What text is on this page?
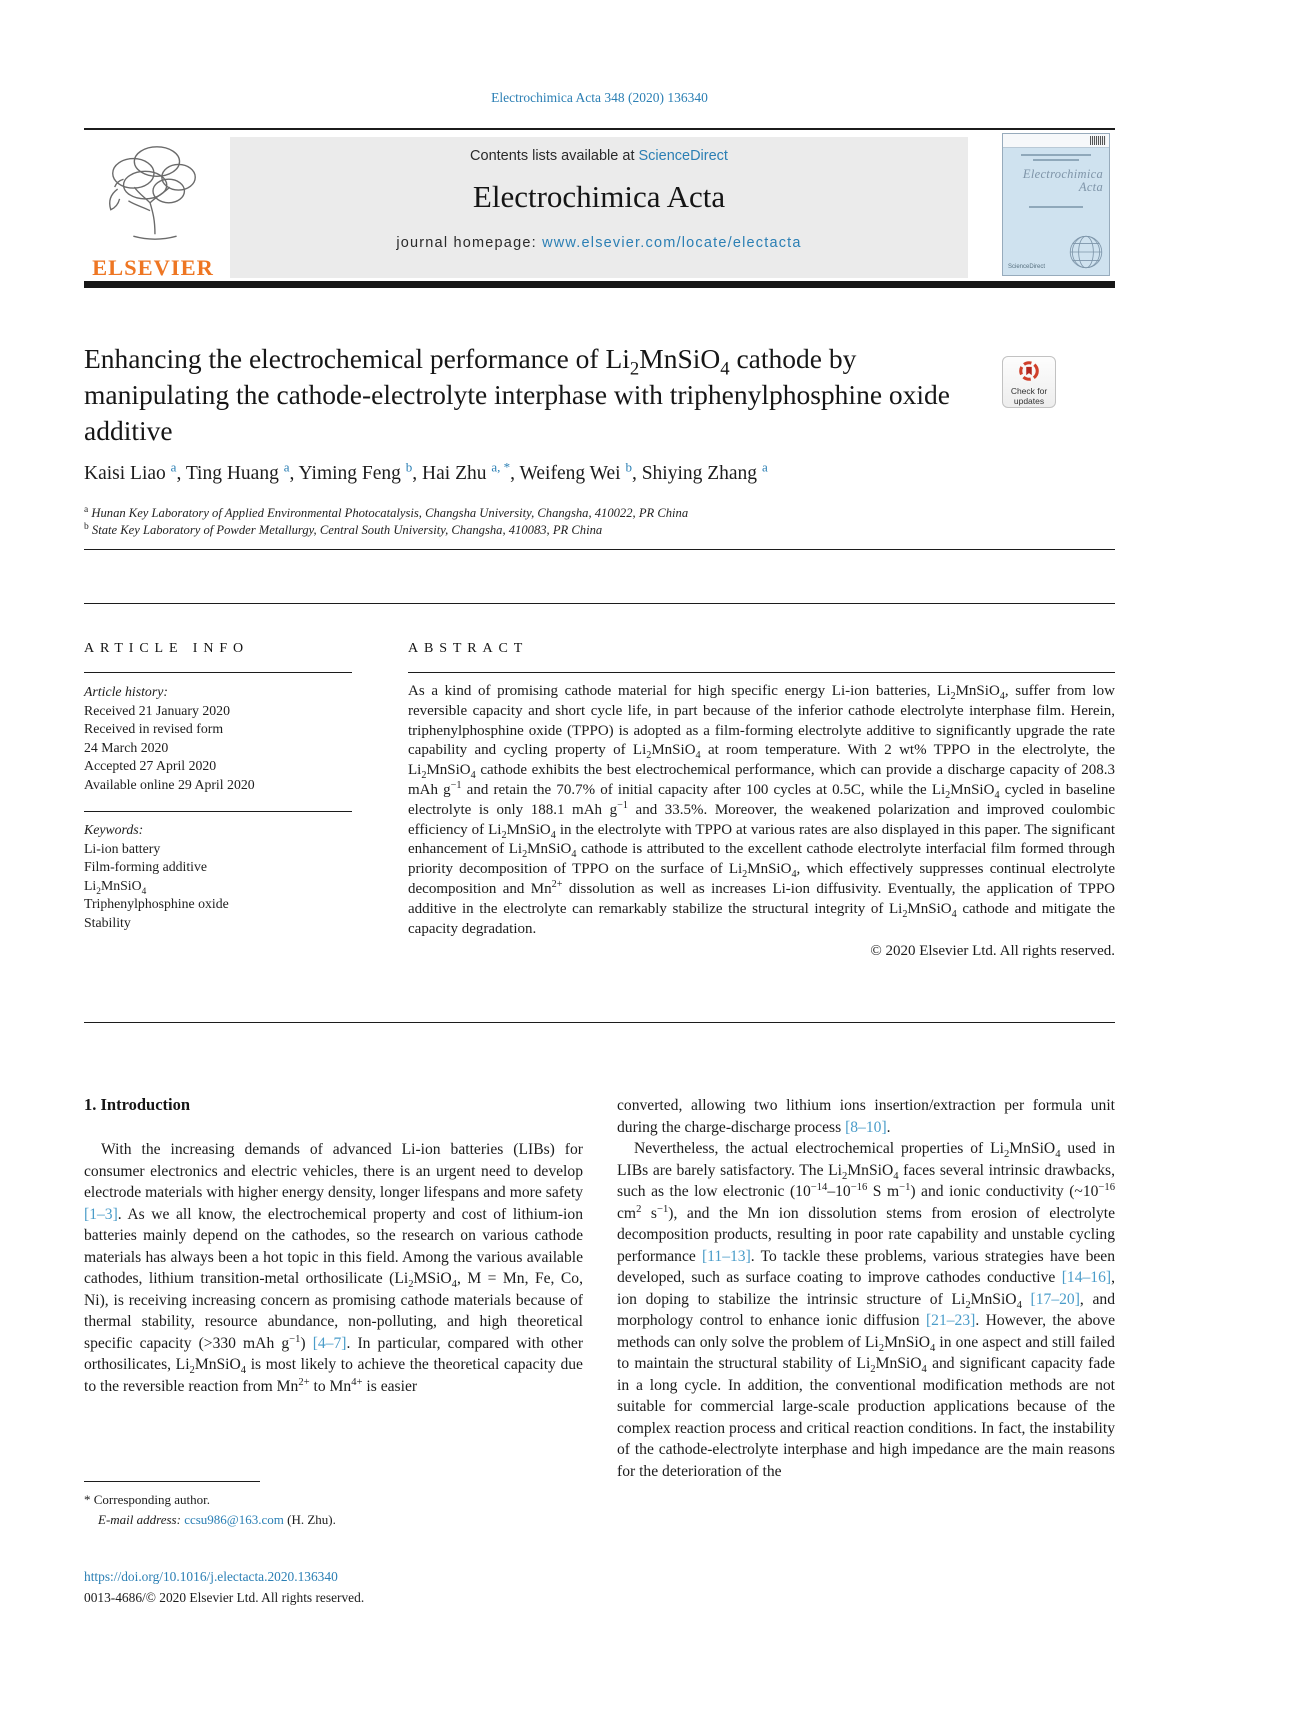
Electrochimica Acta 348 (2020) 136340
ELSEVIER
Contents lists available at ScienceDirect
Electrochimica Acta
journal homepage: www.elsevier.com/locate/electacta
Electrochimica
Acta
ScienceDirect
Enhancing the electrochemical performance of $Li_2MnSiO_4$ cathode by manipulating the cathode-electrolyte interphase with triphenylphosphine oxide additive
Check for
updates
Kaisi Liao $^a$, Ting Huang $^a$, Yiming Feng $^b$, Hai Zhu $^{a, *}$, Weifeng Wei $^b$, Shiying Zhang $^a$
$^a$ Hunan Key Laboratory of Applied Environmental Photocatalysis, Changsha University, Changsha, 410022, PR China
$^b$ State Key Laboratory of Powder Metallurgy, Central South University, Changsha, 410083, PR China
ARTICLE INFO
Article history:
Received 21 January 2020
Received in revised form
24 March 2020
Accepted 27 April 2020
Available online 29 April 2020
Keywords:
Li-ion battery
Film-forming additive
$Li_2MnSiO_4$
Triphenylphosphine oxide
Stability
ABSTRACT

As a kind of promising cathode material for high specific energy Li-ion batteries, $Li_2MnSiO_4$, suffer from low reversible capacity and short cycle life, in part because of the inferior cathode electrolyte interphase film. Herein, triphenylphosphine oxide (TPPO) is adopted as a film-forming electrolyte additive to significantly upgrade the rate capability and cycling property of $Li_2MnSiO_4$ at room temperature. With 2 wt% TPPO in the electrolyte, the $Li_2MnSiO_4$ cathode exhibits the best electrochemical performance, which can provide a discharge capacity of 208.3 mAh $g^{-1}$ and retain the 70.7% of initial capacity after 100 cycles at 0.5C, while the $Li_2MnSiO_4$ cycled in baseline electrolyte is only 188.1 mAh $g^{-1}$ and 33.5%. Moreover, the weakened polarization and improved coulombic efficiency of $Li_2MnSiO_4$ in the electrolyte with TPPO at various rates are also displayed in this paper. The significant enhancement of $Li_2MnSiO_4$ cathode is attributed to the excellent cathode electrolyte interfacial film formed through priority decomposition of TPPO on the surface of $Li_2MnSiO_4$, which effectively suppresses continual electrolyte decomposition and $Mn^{2+}$ dissolution as well as increases Li-ion diffusivity. Eventually, the application of TPPO additive in the electrolyte can remarkably stabilize the structural integrity of $Li_2MnSiO_4$ cathode and mitigate the capacity degradation.

© 2020 Elsevier Ltd. All rights reserved.
1. Introduction

With the increasing demands of advanced Li-ion batteries (LIBs) for consumer electronics and electric vehicles, there is an urgent need to develop electrode materials with higher energy density, longer lifespans and more safety [1–3]. As we all know, the electrochemical property and cost of lithium-ion batteries mainly depend on the cathodes, so the research on various cathode materials has always been a hot topic in this field. Among the various available cathodes, lithium transition-metal orthosilicate ($Li_2MSiO_4$, M = Mn, Fe, Co, Ni), is receiving increasing concern as promising cathode materials because of thermal stability, resource abundance, non-polluting, and high theoretical specific capacity (>330 mAh $g^{-1}$) [4–7]. In particular, compared with other orthosilicates, $Li_2MnSiO_4$ is most likely to achieve the theoretical capacity due to the reversible reaction from $Mn^{2+}$ to $Mn^{4+}$ is easier

converted, allowing two lithium ions insertion/extraction per formula unit during the charge-discharge process [8–10].

Nevertheless, the actual electrochemical properties of $Li_2MnSiO_4$ used in LIBs are barely satisfactory. The $Li_2MnSiO_4$ faces several intrinsic drawbacks, such as the low electronic ($10^{-14}-10^{-16}$ S $m^{-1}$) and ionic conductivity ($\sim 10^{-16}$ $cm^2$ $s^{-1}$), and the Mn ion dissolution stems from erosion of electrolyte decomposition products, resulting in poor rate capability and unstable cycling performance [11–13]. To tackle these problems, various strategies have been developed, such as surface coating to improve cathodes conductive [14–16], ion doping to stabilize the intrinsic structure of $Li_2MnSiO_4$ [17–20], and morphology control to enhance ionic diffusion [21–23]. However, the above methods can only solve the problem of $Li_2MnSiO_4$ in one aspect and still failed to maintain the structural stability of $Li_2MnSiO_4$ and significant capacity fade in a long cycle. In addition, the conventional modification methods are not suitable for commercial large-scale production applications because of the complex reaction process and critical reaction conditions. In fact, the instability of the cathode-electrolyte interphase and high impedance are the main reasons for the deterioration of the

* Corresponding author.
E-mail address: ccsu986@163.com (H. Zhu).
https://doi.org/10.1016/j.electacta.2020.136340
0013-4686/© 2020 Elsevier Ltd. All rights reserved.
